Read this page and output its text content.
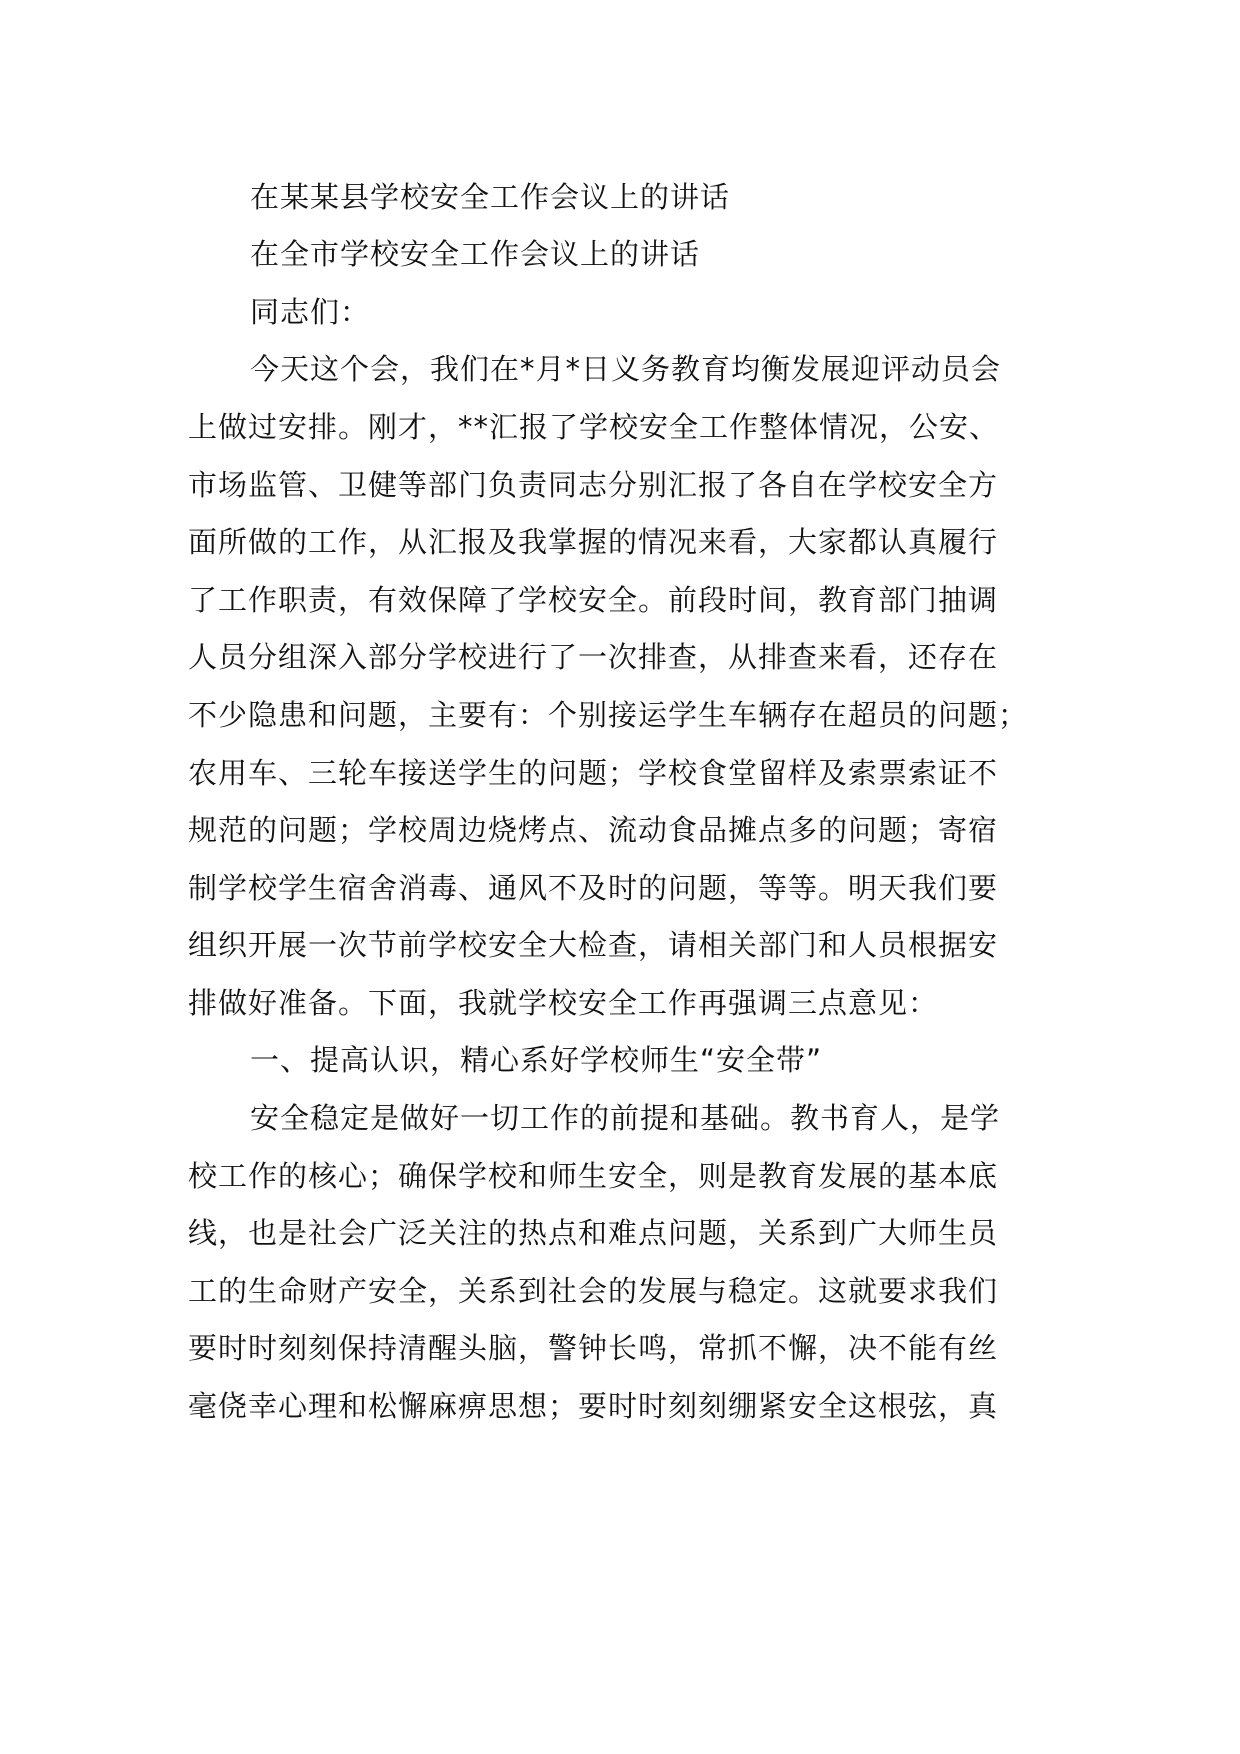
在某某县学校安全工作会议上的讲话

在全市学校安全工作会议上的讲话

同志们：

今天这个会，我们在*月*日义务教育均衡发展迎评动员会

上做过安排。刚才，**汇报了学校安全工作整体情况，公安、

市场监管、卫健等部门负责同志分别汇报了各自在学校安全方

面所做的工作，从汇报及我掌握的情况来看，大家都认真履行

了工作职责，有效保障了学校安全。前段时间，教育部门抽调

人员分组深入部分学校进行了一次排查，从排查来看，还存在

不少隐患和问题，主要有：个别接运学生车辆存在超员的问题；

农用车、三轮车接送学生的问题；学校食堂留样及索票索证不

规范的问题；学校周边烧烤点、流动食品摊点多的问题；寄宿

制学校学生宿舍消毒、通风不及时的问题，等等。明天我们要

组织开展一次节前学校安全大检查，请相关部门和人员根据安

排做好准备。下面，我就学校安全工作再强调三点意见：

一、提高认识，精心系好学校师生“安全带”

安全稳定是做好一切工作的前提和基础。教书育人，是学

校工作的核心；确保学校和师生安全，则是教育发展的基本底

线，也是社会广泛关注的热点和难点问题，关系到广大师生员

工的生命财产安全，关系到社会的发展与稳定。这就要求我们

要时时刻刻保持清醒头脑，警钟长鸣，常抓不懈，决不能有丝

毫侥幸心理和松懈麻痹思想；要时时刻刻绷紧安全这根弦，真
